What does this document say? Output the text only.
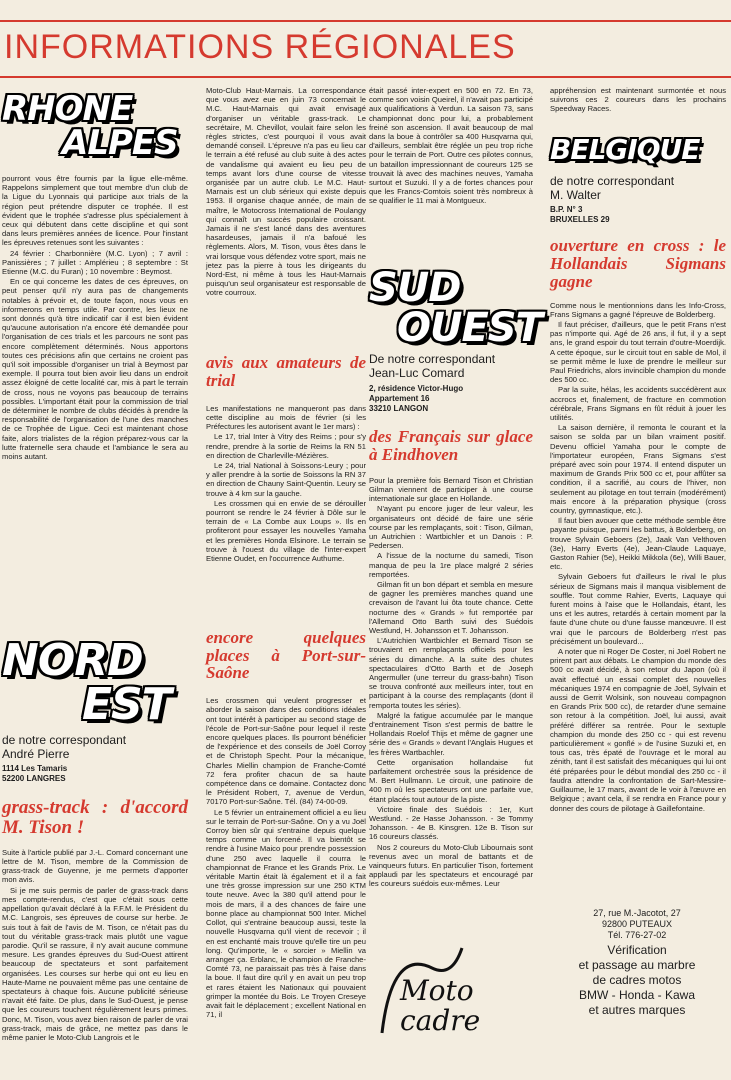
INFORMATIONS RÉGIONALES
RHONE
ALPES

pourront vous être fournis par la ligue elle-même. Rappelons simplement que tout membre d'un club de la Ligue du Lyonnais qui participe aux trials de la région peut prétendre disputer ce trophée. Il est évident que le trophée s'adresse plus spécialement à ceux qui débutent dans cette discipline et qui sont dans leurs premières années de licence. Pour l'instant les épreuves retenues sont les suivantes :

24 février : Charbonnière (M.C. Lyon) ; 7 avril : Panissières ; 7 juillet : Amplérieu ; 8 septembre : St Etienne (M.C. du Furan) ; 10 novembre : Beymost.

En ce qui concerne les dates de ces épreuves, on peut penser qu'il n'y aura pas de changements notables à prévoir et, de toute façon, nous vous en informerons en temps utile. Par contre, les lieux ne sont donnés qu'à titre indicatif car il est bien évident qu'aucune autorisation n'a encore été demandée pour l'organisation de ces trials et les parcours ne sont pas encore complètement déterminés. Nous apportons toutes ces précisions afin que certains ne croient pas qu'il soit impossible d'organiser un trial à Beymost par exemple. Il pourra tout bien avoir lieu dans un endroit assez éloigné de cette localité car, mis à part le terrain de cross, nous ne voyons pas beaucoup de terrains possibles. L'important était pour la commission de trial de déterminer le nombre de clubs décidés à prendre la responsabilité de l'organisation de l'une des manches de ce Trophée de Ligue. Ceci est maintenant chose faite, alors trialistes de la région préparez-vous car la lutte fraternelle sera chaude et l'ambiance le sera au moins autant.

NORD
EST
de notre correspondant
André Pierre
1114 Les Tamaris
52200 LANGRES
grass-track : d'accord M. Tison !

Suite à l'article publié par J.-L. Comard concernant une lettre de M. Tison, membre de la Commission de grass-track de Guyenne, je me permets d'apporter mon avis.

Si je me suis permis de parler de grass-track dans mes compte-rendus, c'est que c'était sous cette appellation qu'avait déclaré à la F.F.M. le Président du M.C. Langrois, ses épreuves de course sur herbe. Je suis tout à fait de l'avis de M. Tison, ce n'était pas du tout du véritable grass-track mais plutôt une vague parodie. Qu'il se rassure, il n'y avait aucune commune mesure. Les grandes épreuves du Sud-Ouest attirent beaucoup de spectateurs et sont parfaitement organisées. Les courses sur herbe qui ont eu lieu en Haute-Marne ne pouvaient même pas une centaine de spectateurs à chaque fois. Aucune publicité sérieuse n'avait été faite. De plus, dans le Sud-Ouest, je pense que les coureurs touchent régulièrement leurs primes. Donc, M. Tison, vous avez bien raison de parler de vrai grass-track, mais de grâce, ne mettez pas dans le même panier le Moto-Club Langrois et le

Moto-Club Haut-Marnais. La correspondance que vous avez eue en juin 73 concernait le M.C. Haut-Marnais qui avait envisagé d'organiser un véritable grass-track. Le secrétaire, M. Chevillot, voulait faire selon les règles strictes, c'est pourquoi il vous avait demandé conseil. L'épreuve n'a pas eu lieu car le terrain a été refusé au club suite à des actes de vandalisme qui avaient eu lieu peu de temps avant lors d'une course de vitesse organisée par un autre club. Le M.C. Haut-Marnais est un club sérieux qui existe depuis 1953. Il organise chaque année, de main de maître, le Motocross International de Poulangy qui connaît un succès populaire croissant. Jamais il ne s'est lancé dans des aventures hasardeuses, jamais il n'a bafoué les règlements. Alors, M. Tison, vous êtes dans le vrai lorsque vous défendez votre sport, mais ne jetez pas la pierre à tous les dirigeants du Nord-Est, ni même à tous les Haut-Marnais puisqu'un seul organisateur est responsable de votre courroux.

avis aux amateurs de trial

Les manifestations ne manqueront pas dans cette discipline au mois de février (si les Préfectures les autorisent avant le 1er mars) :

Le 17, trial Inter à Vitry des Reims ; pour s'y rendre, prendre à la sortie de Reims la RN 51 en direction de Charleville-Mézières.

Le 24, trial National à Soissons-Leury ; pour y aller prendre à la sortie de Soissons la RN 37 en direction de Chauny Saint-Quentin. Leury se trouve à 4 km sur la gauche.

Les crossmen qui en envie de se dérouiller pourront se rendre le 24 février à Dôle sur le terrain de « La Combe aux Loups ». Ils en profiteront pour essayer les nouvelles Yamaha et les premières Honda Elsinore. Le terrain se trouve à l'ouest du village de l'inter-expert Etienne Oudet, en l'occurrence Authume.

encore quelques places à Port-sur-Saône

Les crossmen qui veulent progresser et aborder la saison dans des conditions idéales ont tout intérêt à participer au second stage de l'école de Port-sur-Saône pour lequel il reste encore quelques places. Ils pourront bénéficier de l'expérience et des conseils de Joël Corroy et de Christoph Specht. Pour la mécanique, Charles Miellin champion de Franche-Comté 72 fera profiter chacun de sa haute compétence dans ce domaine. Contactez donc le Président Robert, 7, avenue de Verdun, 70170 Port-sur-Saône. Tél. (84) 74-00-09.

Le 5 février un entrainement officiel a eu lieu sur le terrain de Port-sur-Saône. On y a vu Joël Corroy bien sûr qui s'entraine depuis quelque temps comme un forcené. Il va bientôt se rendre à l'usine Maico pour prendre possession d'une 250 avec laquelle il courra le championnat de France et les Grands Prix. Le véritable Martin était là également et il a fait une très grosse impression sur une 250 KTM toute neuve. Avec la 380 qu'il attend pour le mois de mars, il a des chances de faire une bonne place au championnat 500 Inter. Michel Collot, qui s'entraine beaucoup aussi, teste la nouvelle Husqvarna qu'il vient de recevoir ; il en est enchanté mais trouve qu'elle tire un peu long. Qu'importe, le « sorcier » Miellin va arranger ça. Erblanc, le champion de Franche-Comté 73, ne paraissait pas très à l'aise dans la boue. Il faut dire qu'il y en avait un peu trop et rares étaient les Nationaux qui pouvaient grimper la montée du Bois. Le Troyen Creseye avait fait le déplacement ; excellent National en 71, il

était passé inter-expert en 500 en 72. En 73, comme son voisin Queirel, il n'avait pas participé aux qualifications à Verdun. La saison 73, sans championnat donc pour lui, a probablement freiné son ascension. Il avait beaucoup de mal dans la boue à contrôler sa 400 Husqvarna qui, d'ailleurs, semblait être réglée un peu trop riche pour le terrain de Port. Outre ces pilotes connus, un bataillon impressionnant de coureurs 125 se trouvait là avec des machines neuves, Yamaha surtout et Suzuki. Il y a de fortes chances pour que les Francs-Comtois soient très nombreux à se qualifier le 11 mai à Montgueux.

SUD
OUEST
De notre correspondant
Jean-Luc Comard
2, résidence Victor-Hugo
Appartement 16
33210 LANGON
des Français sur glace à Eindhoven

Pour la première fois Bernard Tison et Christian Gilman viennent de participer à une course internationale sur glace en Hollande.

N'ayant pu encore juger de leur valeur, les organisateurs ont décidé de faire une série course par les remplaçants, soit : Tison, Gilman, un Autrichien : Wartbichler et un Danois : P. Pedersen.

A l'issue de la nocturne du samedi, Tison manqua de peu la 1re place malgré 2 séries remportées.

Gilman fit un bon départ et sembla en mesure de gagner les premières manches quand une crevaison de l'avant lui ôta toute chance. Cette nocturne des « Grands » fut remportée par l'Allemand Otto Barth suivi des Suédois Westlund, H. Johansson et T. Johansson.

L'Autrichien Wartbichler et Bernard Tison se trouvaient en remplaçants officiels pour les séries du dimanche. A la suite des chutes spectaculaires d'Otto Barth et de Joseph Angermuller (une terreur du grass-bahn) Tison se trouva confronté aux meilleurs inter, tout en participant à la course des remplaçants (dont il remporta toutes les séries).

Malgré la fatigue accumulée par le manque d'entrainement Tison s'est permis de battre le Hollandais Roelof Thijs et même de gagner une série des « Grands » devant l'Anglais Hugues et les frères Wartbachler.

Cette organisation hollandaise fut parfaitement orchestrée sous la présidence de M. Bert Hullmann. Le circuit, une patinoire de 400 m où les spectateurs ont une parfaite vue, étant placés tout autour de la piste.

Victoire finale des Suédois : 1er, Kurt Westlund. - 2e Hasse Johansson. - 3e Tommy Johansson. - 4e B. Kinsgren. 12e B. Tison sur 16 coureurs classés.

Nos 2 coureurs du Moto-Club Libournais sont revenus avec un moral de battants et de vainqueurs futurs. En particulier Tison, fortement applaudi par les spectateurs et encouragé par les coureurs suédois eux-mêmes. Leur

appréhension est maintenant surmontée et nous suivrons ces 2 coureurs dans les prochains Speedway Races.

BELGIQUE
de notre correspondant
M. Walter
B.P. N° 3
BRUXELLES 29
ouverture en cross : le Hollandais Sigmans gagne

Comme nous le mentionnions dans les Info-Cross, Frans Sigmans a gagné l'épreuve de Bolderberg.

Il faut préciser, d'ailleurs, que le petit Frans n'est pas n'importe qui. Agé de 26 ans, il fut, il y a sept ans, le grand espoir du tout terrain d'outre-Moerdijk. A cette époque, sur le circuit tout en sable de Mol, il se permit même le luxe de prendre le meilleur sur Paul Friedrichs, alors invincible champion du monde des 500 cc.

Par la suite, hélas, les accidents succédèrent aux accrocs et, finalement, de fracture en commotion cérébrale, Frans Sigmans en fût réduit à jouer les utilités.

La saison dernière, il remonta le courant et la saison se solda par un bilan vraiment positif. Devenu officiel Yamaha pour le compte de l'importateur européen, Frans Sigmans s'est préparé avec soin pour 1974. Il entend disputer un maximum de Grands Prix 500 cc et, pour affûter sa condition, il a sacrifié, au cours de l'hiver, non seulement au pilotage en tout terrain (modérément) mais encore à la préparation physique (cross country, gymnastique, etc.).

Il faut bien avouer que cette méthode semble être payante puisque, parmi les battus, à Bolderberg, on trouve Sylvain Geboers (2e), Jaak Van Velthoven (3e), Harry Everts (4e), Jean-Claude Laquaye, Gaston Rahier (5e), Heikki Mikkola (6e), Willi Bauer, etc.

Sylvain Geboers fut d'ailleurs le rival le plus sérieux de Sigmans mais il manqua visiblement de souffle. Tout comme Rahier, Everts, Laquaye qui furent moins à l'aise que le Hollandais, étant, les uns et les autres, retardés à certain moment par la faute d'une chute ou d'une fausse manœuvre. Il est vrai que le parcours de Bolderberg n'est pas précisément un boulevard...

A noter que ni Roger De Coster, ni Joël Robert ne prirent part aux débats. Le champion du monde des 500 cc avait décidé, à son retour du Japon (où il avait effectué un essai complet des nouvelles mécaniques 1974 en compagnie de Joël, Sylvain et aussi de Gerrit Wolsink, son nouveau compagnon en Grands Prix 500 cc), de retarder d'une semaine son retour à la compétition. Joël, lui aussi, avait préféré différer sa rentrée. Pour le sextuple champion du monde des 250 cc - qui est revenu particulièrement « gonflé » de l'usine Suzuki et, en tous cas, très épaté de l'ouvrage et le moral au zénith, tant il est satisfait des mécaniques qui lui ont été préparées pour le début mondial des 250 cc - il faudra attendre la confrontation de Sart-Messire-Guillaume, le 17 mars, avant de le voir à l'œuvre en Belgique ; avant cela, il se rendra en France pour y donner des cours de pilotage à Gaillefontaine.

27, rue M.-Jacotot, 27
92800 PUTEAUX
Tél. 776-27-02
Vérification
et passage au marbre
de cadres motos
BMW - Honda - Kawa
et autres marques
Moto cadre
